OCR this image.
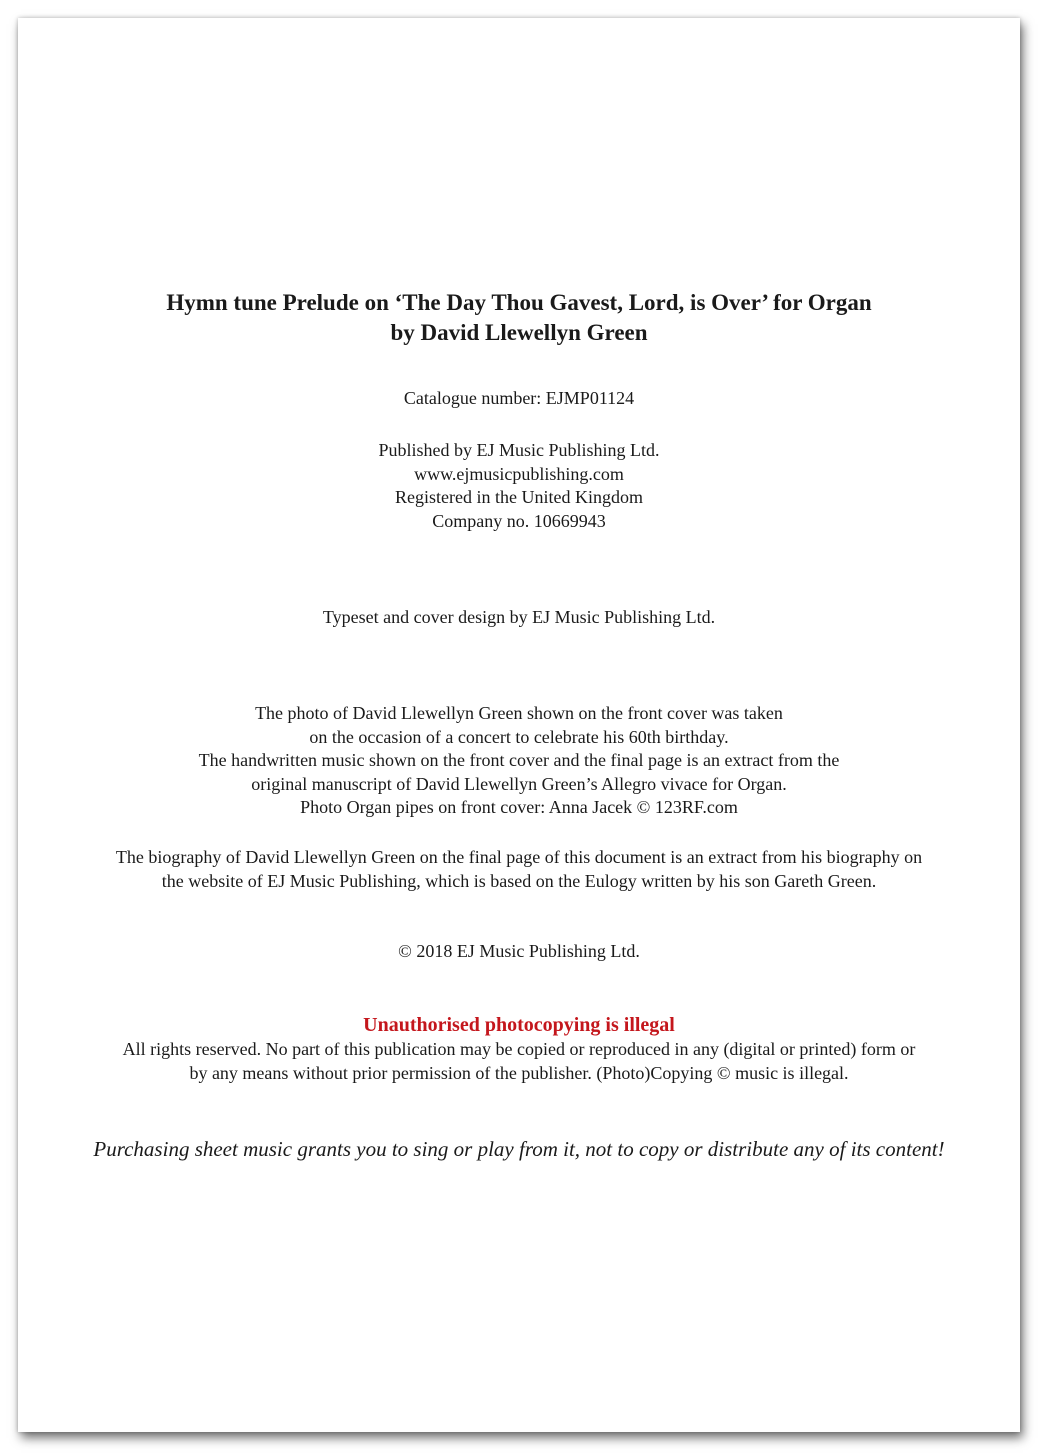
Hymn tune Prelude on ‘The Day Thou Gavest, Lord, is Over’ for Organ
by David Llewellyn Green
Catalogue number: EJMP01124
Published by EJ Music Publishing Ltd.
www.ejmusicpublishing.com
Registered in the United Kingdom
Company no. 10669943
Typeset and cover design by EJ Music Publishing Ltd.
The photo of David Llewellyn Green shown on the front cover was taken
on the occasion of a concert to celebrate his 60th birthday.
The handwritten music shown on the front cover and the final page is an extract from the
original manuscript of David Llewellyn Green’s Allegro vivace for Organ.
Photo Organ pipes on front cover: Anna Jacek © 123RF.com
The biography of David Llewellyn Green on the final page of this document is an extract from his biography on
the website of EJ Music Publishing, which is based on the Eulogy written by his son Gareth Green.
© 2018 EJ Music Publishing Ltd.
Unauthorised photocopying is illegal
All rights reserved. No part of this publication may be copied or reproduced in any (digital or printed) form or
by any means without prior permission of the publisher. (Photo)Copying © music is illegal.
Purchasing sheet music grants you to sing or play from it, not to copy or distribute any of its content!
